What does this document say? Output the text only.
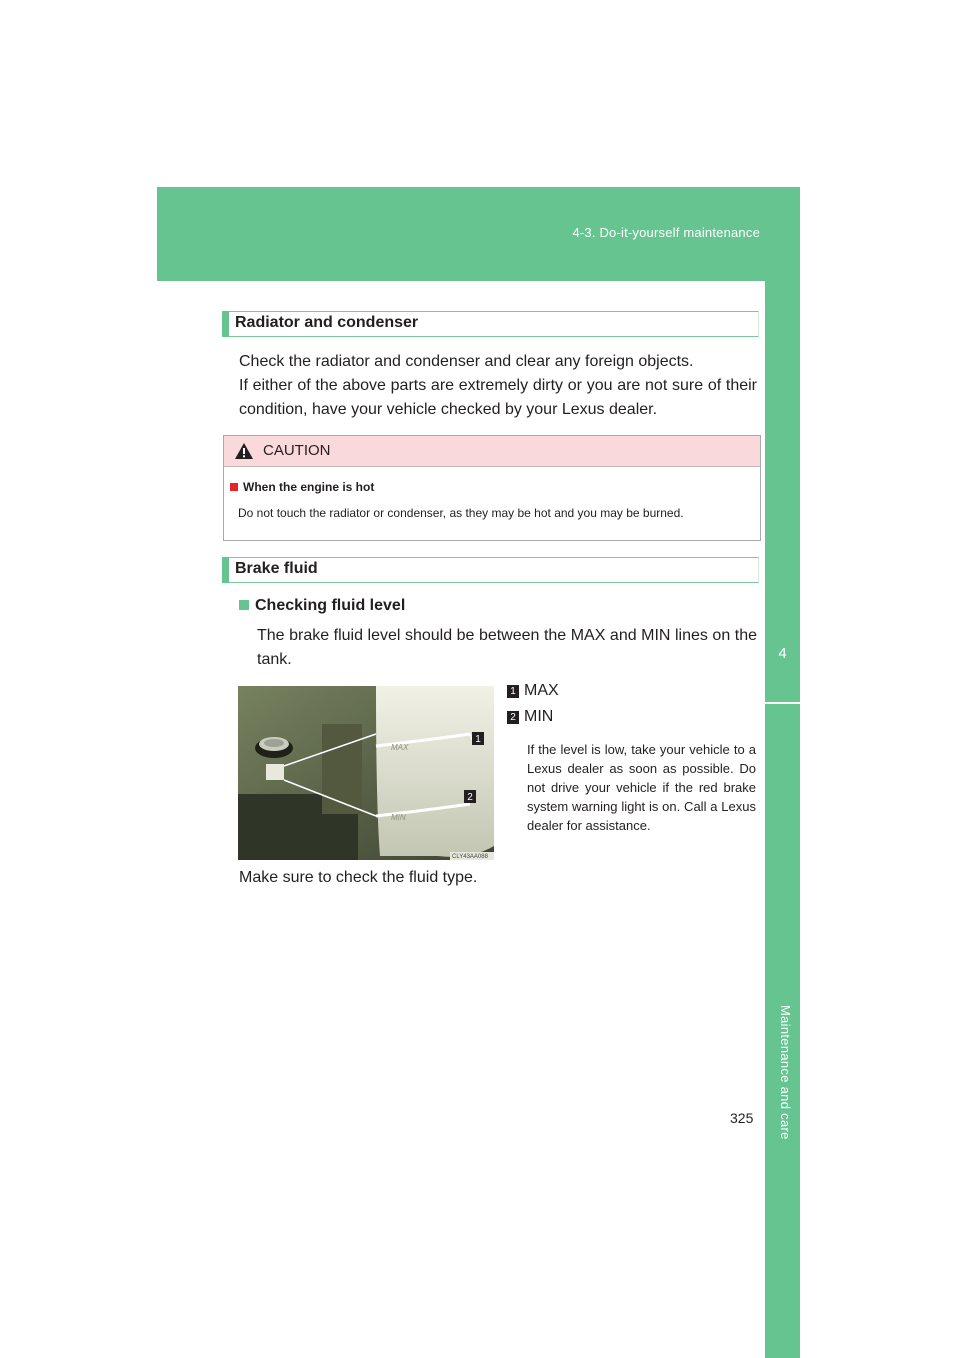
4-3. Do-it-yourself maintenance
4
Maintenance and care
Radiator and condenser

Check the radiator and condenser and clear any foreign objects.

If either of the above parts are extremely dirty or you are not sure of their condition, have your vehicle checked by your Lexus dealer.

CAUTION
When the engine is hot
Do not touch the radiator or condenser, as they may be hot and you may be burned.
Brake fluid
Checking fluid level

The brake fluid level should be between the MAX and MIN lines on the tank.

MAX
MIN
1
2
CLY43AA088
1 MAX
2 MIN
If the level is low, take your vehicle to a Lexus dealer as soon as possible. Do not drive your vehicle if the red brake system warning light is on. Call a Lexus dealer for assistance.
Make sure to check the fluid type.
325
